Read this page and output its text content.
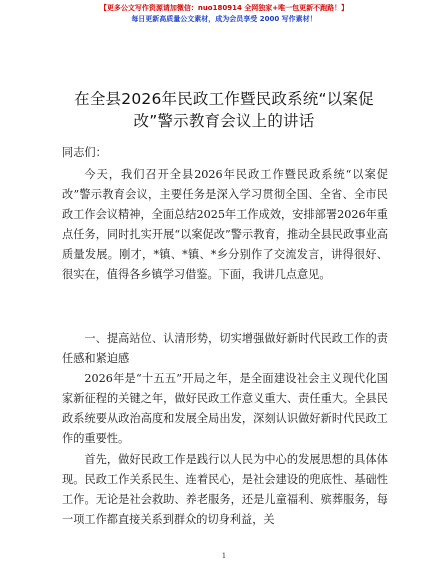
【更多公文写作资源请加微信：nuo180914 全网独家+唯一包更新不跑路！】
每日更新高质量公文素材，成为会员享受 2000 写作素材！
在全县2026年民政工作暨民政系统“以案促改”警示教育会议上的讲话
同志们：

今天，我们召开全县2026年民政工作暨民政系统“以案促改”警示教育会议，主要任务是深入学习贯彻全国、全省、全市民政工作会议精神，全面总结2025年工作成效，安排部署2026年重点任务，同时扎实开展“以案促改”警示教育，推动全县民政事业高质量发展。刚才，*镇、*镇、*乡分别作了交流发言，讲得很好、很实在，值得各乡镇学习借鉴。下面，我讲几点意见。

一、提高站位、认清形势，切实增强做好新时代民政工作的责任感和紧迫感

2026年是“十五五”开局之年，是全面建设社会主义现代化国家新征程的关键之年，做好民政工作意义重大、责任重大。全县民政系统要从政治高度和发展全局出发，深刻认识做好新时代民政工作的重要性。

首先，做好民政工作是践行以人民为中心的发展思想的具体体现。民政工作关系民生、连着民心，是社会建设的兜底性、基础性工作。无论是社会救助、养老服务，还是儿童福利、殡葬服务，每一项工作都直接关系到群众的切身利益，关

1
